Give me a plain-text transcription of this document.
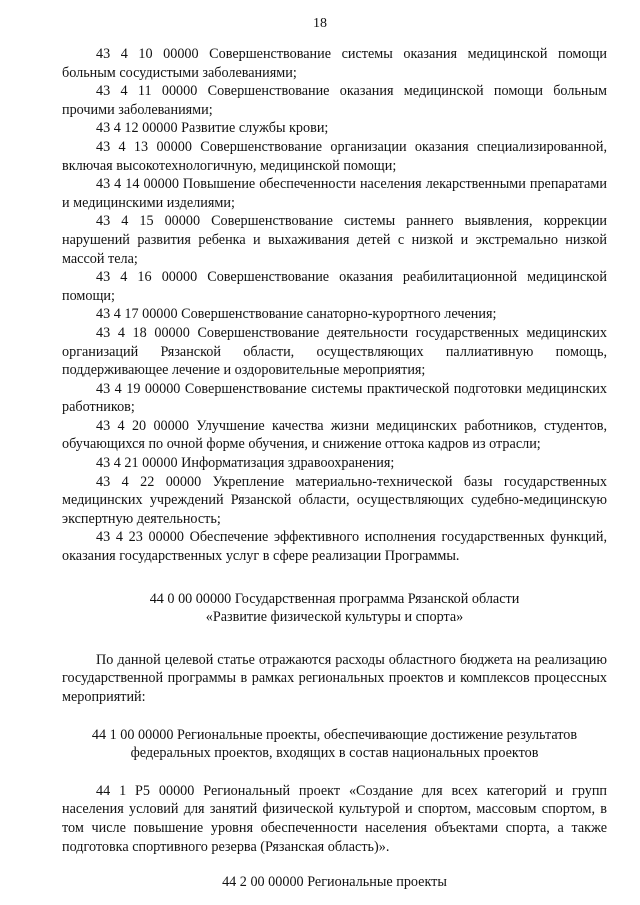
18

43 4 10 00000 Совершенствование системы оказания медицинской помощи больным сосудистыми заболеваниями;

43 4 11 00000 Совершенствование оказания медицинской помощи больным прочими заболеваниями;

43 4 12 00000 Развитие службы крови;

43 4 13 00000 Совершенствование организации оказания специализированной, включая высокотехнологичную, медицинской помощи;

43 4 14 00000 Повышение обеспеченности населения лекарственными препаратами и медицинскими изделиями;

43 4 15 00000 Совершенствование системы раннего выявления, коррекции нарушений развития ребенка и выхаживания детей с низкой и экстремально низкой массой тела;

43 4 16 00000 Совершенствование оказания реабилитационной медицинской помощи;

43 4 17 00000 Совершенствование санаторно-курортного лечения;

43 4 18 00000 Совершенствование деятельности государственных медицинских организаций Рязанской области, осуществляющих паллиативную помощь, поддерживающее лечение и оздоровительные мероприятия;

43 4 19 00000 Совершенствование системы практической подготовки медицинских работников;

43 4 20 00000 Улучшение качества жизни медицинских работников, студентов, обучающихся по очной форме обучения, и снижение оттока кадров из отрасли;

43 4 21 00000 Информатизация здравоохранения;

43 4 22 00000 Укрепление материально-технической базы государственных медицинских учреждений Рязанской области, осуществляющих судебно-медицинскую экспертную деятельность;

43 4 23 00000 Обеспечение эффективного исполнения государственных функций, оказания государственных услуг в сфере реализации Программы.

44 0 00 00000 Государственная программа Рязанской области

«Развитие физической культуры и спорта»

По данной целевой статье отражаются расходы областного бюджета на реализацию государственной программы в рамках региональных проектов и комплексов процессных мероприятий:

44 1 00 00000 Региональные проекты, обеспечивающие достижение результатов

федеральных проектов, входящих в состав национальных проектов

44 1 Р5 00000 Региональный проект «Создание для всех категорий и групп населения условий для занятий физической культурой и спортом, массовым спортом, в том числе повышение уровня обеспеченности населения объектами спорта, а также подготовка спортивного резерва (Рязанская область)».

44 2 00 00000 Региональные проекты
